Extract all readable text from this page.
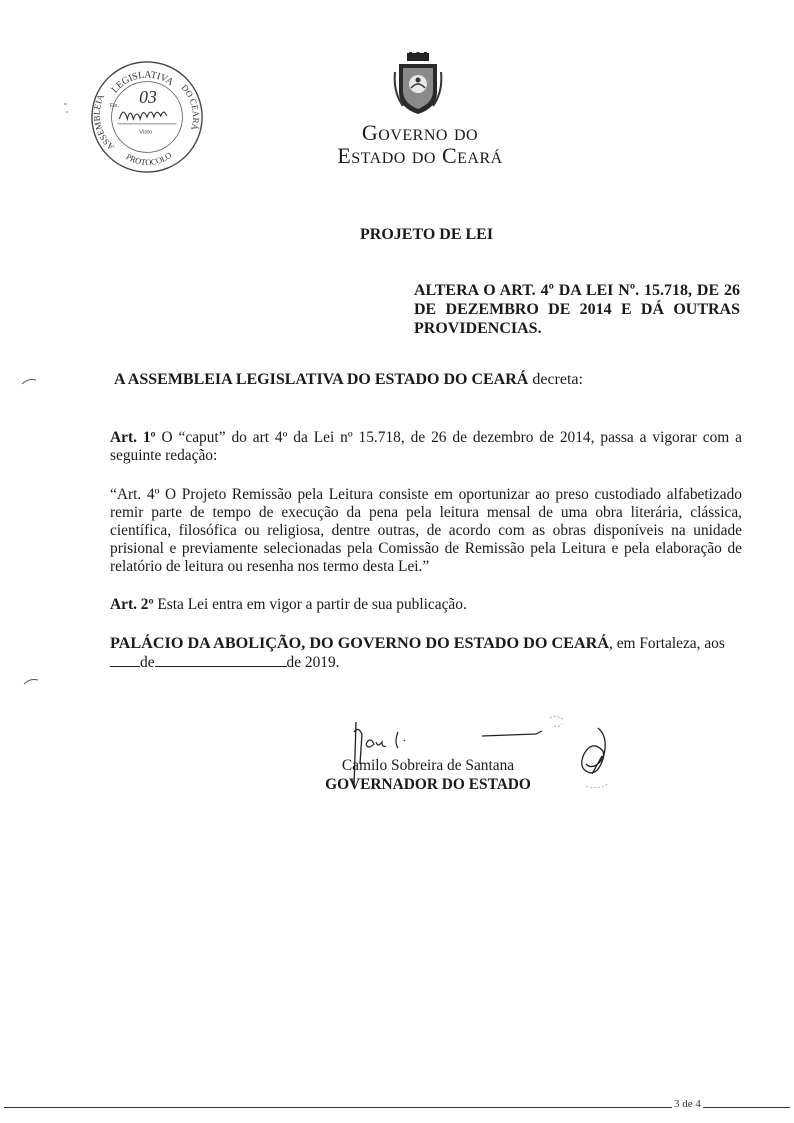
LEGISLATIVA
ASSEMBLEIA
DO CEARÁ
PROTOCOLO
Fls. 03
Visto	GOVERNO DO
ESTADO DO CEARÁ
PROJETO DE LEI
ALTERA O ART. 4º DA LEI Nº. 15.718, DE 26 DE DEZEMBRO DE 2014 E DÁ OUTRAS PROVIDENCIAS.
A ASSEMBLEIA LEGISLATIVA DO ESTADO DO CEARÁ decreta:
Art. 1º O “caput” do art 4º da Lei nº 15.718, de 26 de dezembro de 2014, passa a vigorar com a seguinte redação:
“Art. 4º O Projeto Remissão pela Leitura consiste em oportunizar ao preso custodiado alfabetizado remir parte de tempo de execução da pena pela leitura mensal de uma obra literária, clássica, científica, filosófica ou religiosa, dentre outras, de acordo com as obras disponíveis na unidade prisional e previamente selecionadas pela Comissão de Remissão pela Leitura e pela elaboração de relatório de leitura ou resenha nos termo desta Lei.”
Art. 2º Esta Lei entra em vigor a partir de sua publicação.
PALÁCIO DA ABOLIÇÃO, DO GOVERNO DO ESTADO DO CEARÁ, em Fortaleza, aos
de	de 2019.
Camilo Sobreira de Santana
GOVERNADOR DO ESTADO
3 de 4
